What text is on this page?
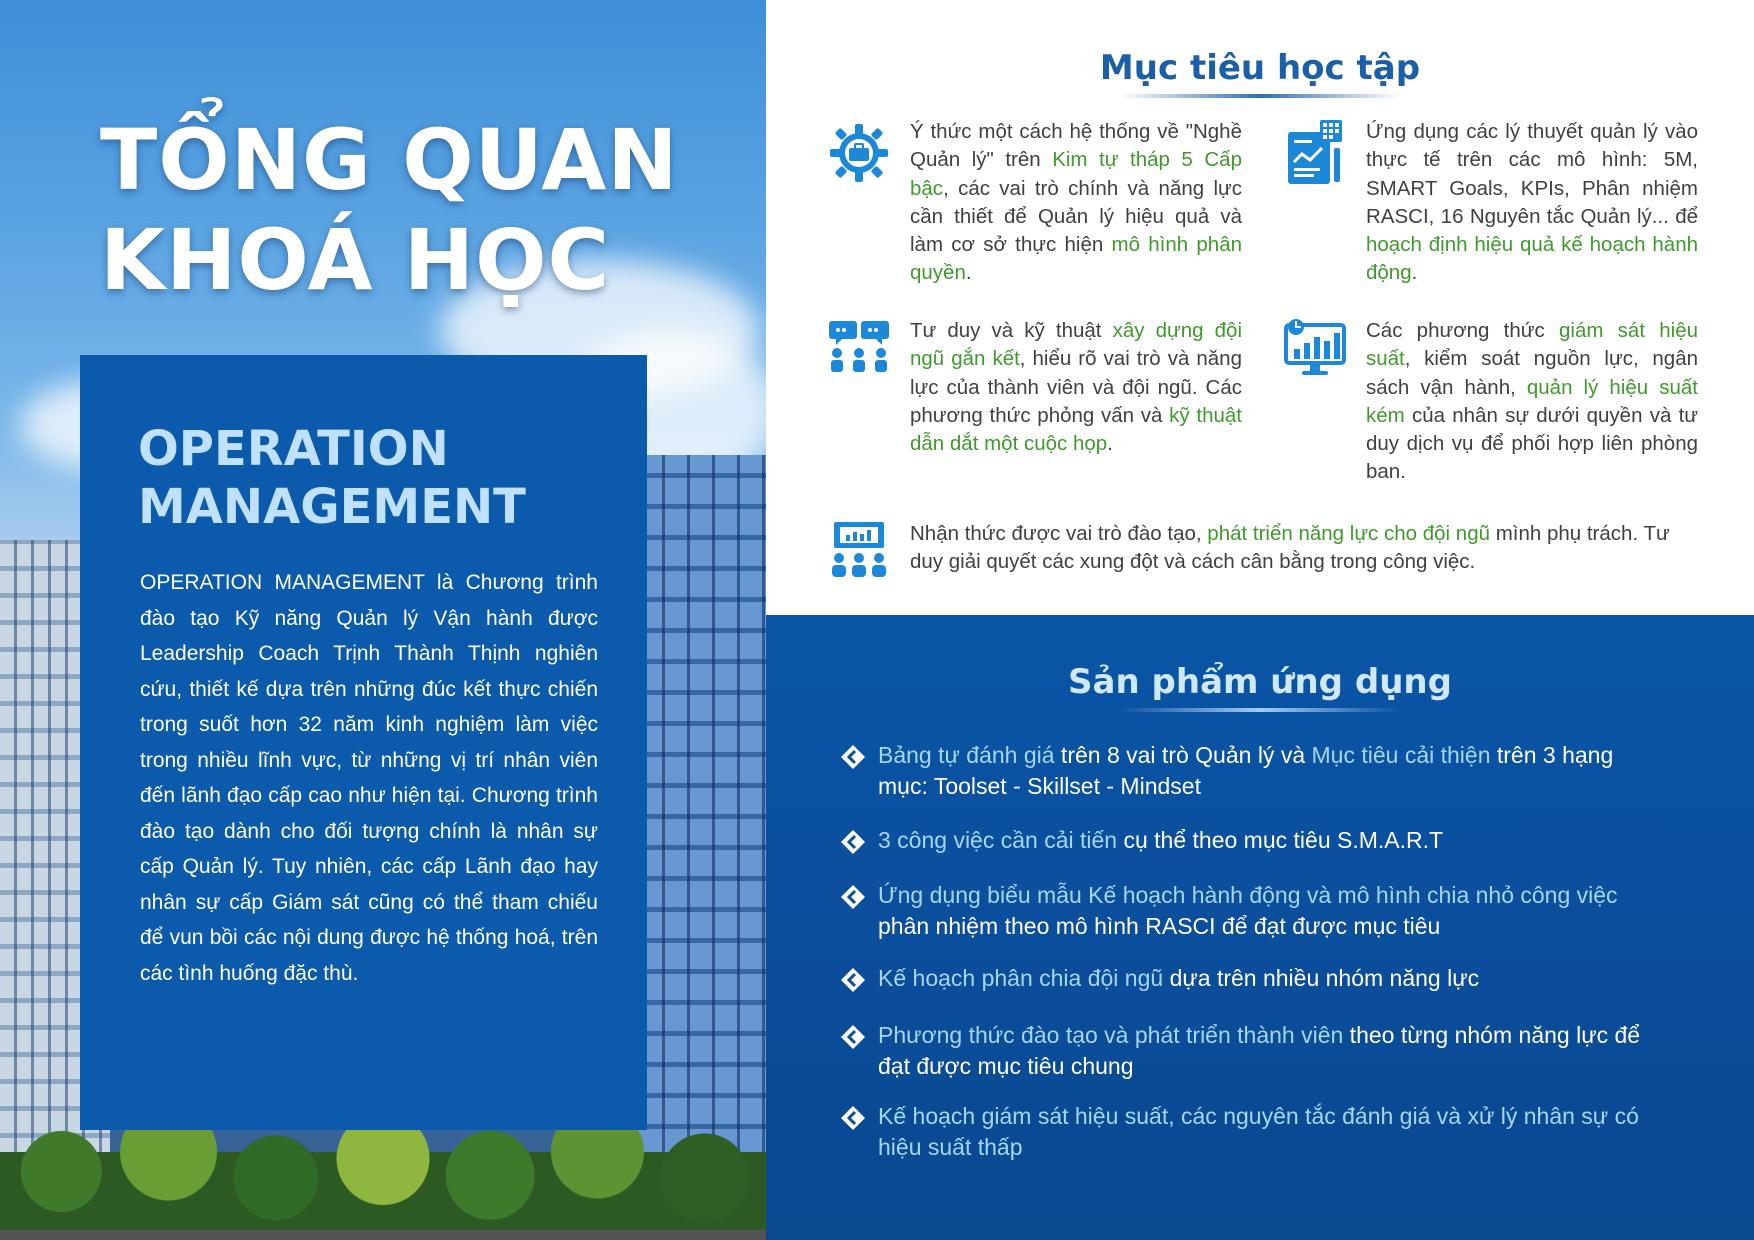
TỔNG QUAN
KHOÁ HỌC
OPERATION
MANAGEMENT
OPERATION MANAGEMENT là Chương trình đào tạo Kỹ năng Quản lý Vận hành được Leadership Coach Trịnh Thành Thịnh nghiên cứu, thiết kế dựa trên những đúc kết thực chiến trong suốt hơn 32 năm kinh nghiệm làm việc trong nhiều lĩnh vực, từ những vị trí nhân viên đến lãnh đạo cấp cao như hiện tại. Chương trình đào tạo dành cho đối tượng chính là nhân sự cấp Quản lý. Tuy nhiên, các cấp Lãnh đạo hay nhân sự cấp Giám sát cũng có thể tham chiếu để vun bồi các nội dung được hệ thống hoá, trên các tình huống đặc thù.
Mục tiêu học tập
Ý thức một cách hệ thống về "Nghề Quản lý" trên Kim tự tháp 5 Cấp bậc, các vai trò chính và năng lực cần thiết để Quản lý hiệu quả và làm cơ sở thực hiện mô hình phân quyền.
Ứng dụng các lý thuyết quản lý vào thực tế trên các mô hình: 5M, SMART Goals, KPIs, Phân nhiệm RASCI, 16 Nguyên tắc Quản lý... để hoạch định hiệu quả kế hoạch hành động.
Tư duy và kỹ thuật xây dựng đội ngũ gắn kết, hiểu rõ vai trò và năng lực của thành viên và đội ngũ. Các phương thức phỏng vấn và kỹ thuật dẫn dắt một cuộc họp.
Các phương thức giám sát hiệu suất, kiểm soát nguồn lực, ngân sách vận hành, quản lý hiệu suất kém của nhân sự dưới quyền và tư duy dịch vụ để phối hợp liên phòng ban.
Nhận thức được vai trò đào tạo, phát triển năng lực cho đội ngũ mình phụ trách. Tư duy giải quyết các xung đột và cách cân bằng trong công việc.
Sản phẩm ứng dụng
Bảng tự đánh giá trên 8 vai trò Quản lý và Mục tiêu cải thiện trên 3 hạng mục: Toolset - Skillset - Mindset
3 công việc cần cải tiến cụ thể theo mục tiêu S.M.A.R.T
Ứng dụng biểu mẫu Kế hoạch hành động và mô hình chia nhỏ công việc phân nhiệm theo mô hình RASCI để đạt được mục tiêu
Kế hoạch phân chia đội ngũ dựa trên nhiều nhóm năng lực
Phương thức đào tạo và phát triển thành viên theo từng nhóm năng lực để đạt được mục tiêu chung
Kế hoạch giám sát hiệu suất, các nguyên tắc đánh giá và xử lý nhân sự có hiệu suất thấp
